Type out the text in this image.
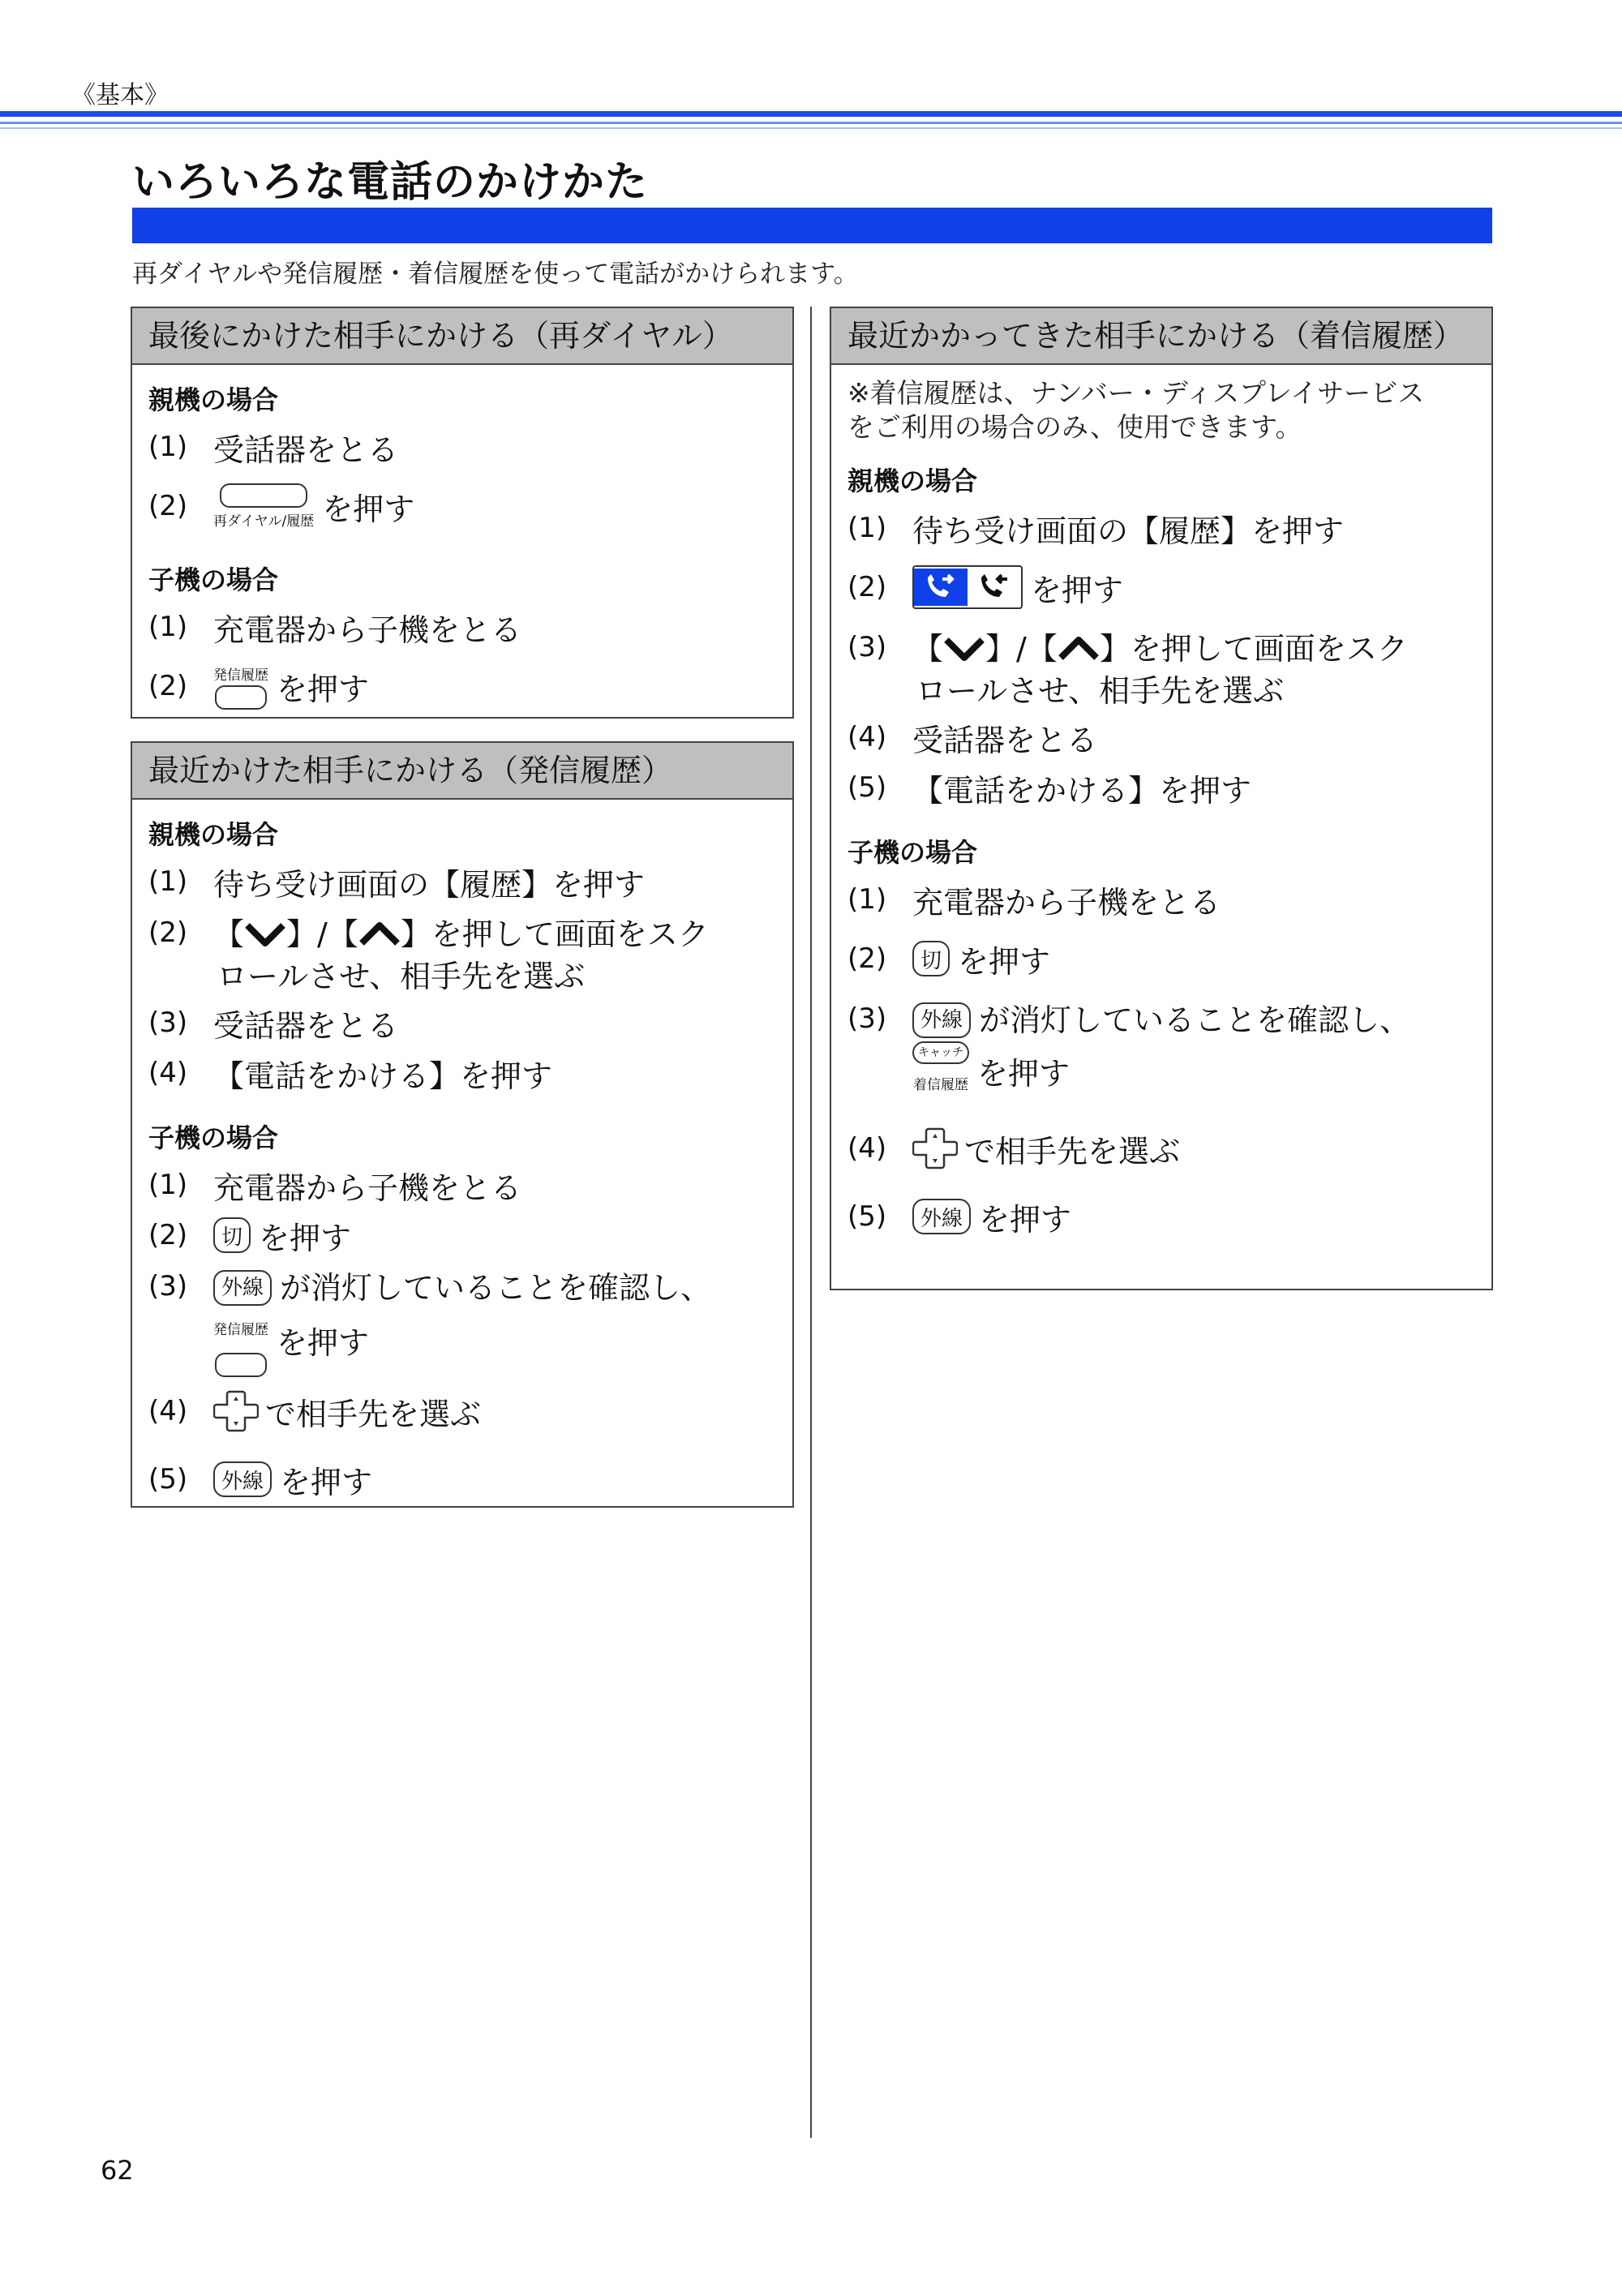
《基本》
いろいろな電話のかけかた
再ダイヤルや発信履歴・着信履歴を使って電話がかけられます。
最後にかけた相手にかける（再ダイヤル）
親機の場合
(1) 受話器をとる
(2)	再ダイヤル/履歴 を押す
子機の場合
(1) 充電器から子機をとる
(2)	発信履歴 を押す
最近かけた相手にかける（発信履歴）
親機の場合
(1) 待ち受け画面の【履歴】を押す
(2) 【 】/【 】を押して画面をスク
ロールさせ、相手先を選ぶ
(3) 受話器をとる
(4) 【電話をかける】を押す
子機の場合
(1) 充電器から子機をとる
(2)	切 を押す
(3)	外線 が消灯していることを確認し、
発信履歴 を押す
(4)	で相手先を選ぶ
(5)	外線 を押す
最近かかってきた相手にかける（着信履歴）
※着信履歴は、ナンバー・ディスプレイサービス
をご利用の場合のみ、使用できます。
親機の場合
(1) 待ち受け画面の【履歴】を押す
(2)	を押す
(3) 【 】/【 】を押して画面をスク
ロールさせ、相手先を選ぶ
(4) 受話器をとる
(5) 【電話をかける】を押す
子機の場合
(1) 充電器から子機をとる
(2)	切 を押す
(3)	外線 が消灯していることを確認し、
キャッチ
着信履歴 を押す
(4)	で相手先を選ぶ
(5)	外線 を押す
62
